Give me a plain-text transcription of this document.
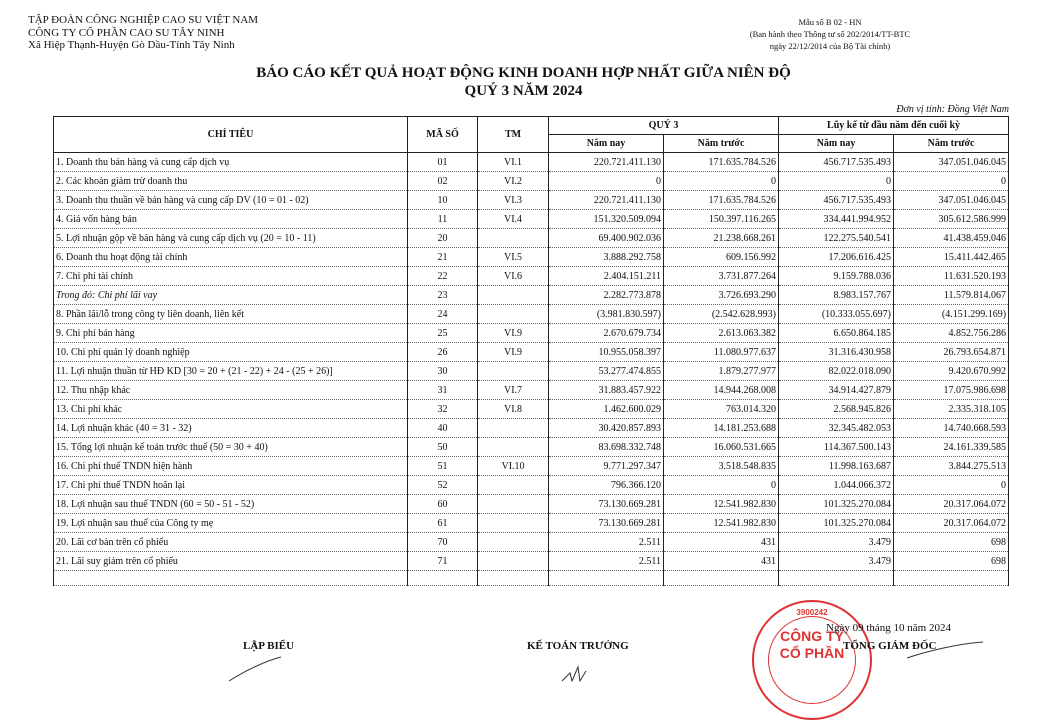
TẬP ĐOÀN CÔNG NGHIỆP CAO SU VIỆT NAM
CÔNG TY CỔ PHẦN CAO SU TÂY NINH
Xã Hiệp Thạnh-Huyện Gò Dầu-Tỉnh Tây Ninh
Mẫu số B 02 - HN
(Ban hành theo Thông tư số 202/2014/TT-BTC
ngày 22/12/2014 của Bộ Tài chính)
BÁO CÁO KẾT QUẢ HOẠT ĐỘNG KINH DOANH HỢP NHẤT GIỮA NIÊN ĐỘ
QUÝ 3 NĂM 2024
Đơn vị tính: Đồng Việt Nam
CHỈ TIÊU	MÃ SỐ	TM	QUÝ 3		Lũy kế từ đầu năm đến cuối kỳ	
			Năm nay	Năm trước	Năm nay	Năm trước
1. Doanh thu bán hàng và cung cấp dịch vụ	01	VI.1	220.721.411.130	171.635.784.526	456.717.535.493	347.051.046.045
2. Các khoản giảm trừ doanh thu	02	VI.2	0	0	0	0
3. Doanh thu thuần về bán hàng và cung cấp DV (10 = 01 - 02)	10	VI.3	220.721.411.130	171.635.784.526	456.717.535.493	347.051.046.045
4. Giá vốn hàng bán	11	VI.4	151.320.509.094	150.397.116.265	334.441.994.952	305.612.586.999
5. Lợi nhuận gộp về bán hàng và cung cấp dịch vụ (20 = 10 - 11)	20		69.400.902.036	21.238.668.261	122.275.540.541	41.438.459.046
6. Doanh thu hoạt động tài chính	21	VI.5	3.888.292.758	609.156.992	17.206.616.425	15.411.442.465
7. Chi phí tài chính	22	VI.6	2.404.151.211	3.731.877.264	9.159.788.036	11.631.520.193
Trong đó: Chi phí lãi vay	23		2.282.773.878	3.726.693.290	8.983.157.767	11.579.814.067
8. Phần lãi/lỗ trong công ty liên doanh, liên kết	24		(3.981.830.597)	(2.542.628.993)	(10.333.055.697)	(4.151.299.169)
9. Chi phí bán hàng	25	VI.9	2.670.679.734	2.613.063.382	6.650.864.185	4.852.756.286
10. Chi phí quản lý doanh nghiệp	26	VI.9	10.955.058.397	11.080.977.637	31.316.430.958	26.793.654.871
11. Lợi nhuận thuần từ HĐ KD [30 = 20 + (21 - 22) + 24 - (25 + 26)]	30		53.277.474.855	1.879.277.977	82.022.018.090	9.420.670.992
12. Thu nhập khác	31	VI.7	31.883.457.922	14.944.268.008	34.914.427.879	17.075.986.698
13. Chi phí khác	32	VI.8	1.462.600.029	763.014.320	2.568.945.826	2.335.318.105
14. Lợi nhuận khác (40 = 31 - 32)	40		30.420.857.893	14.181.253.688	32.345.482.053	14.740.668.593
15. Tổng lợi nhuận kế toán trước thuế (50 = 30 + 40)	50		83.698.332.748	16.060.531.665	114.367.500.143	24.161.339.585
16. Chi phí thuế TNDN hiện hành	51	VI.10	9.771.297.347	3.518.548.835	11.998.163.687	3.844.275.513
17. Chi phí thuế TNDN hoãn lại	52		796.366.120	0	1.044.066.372	0
18. Lợi nhuận sau thuế TNDN (60 = 50 - 51 - 52)	60		73.130.669.281	12.541.982.830	101.325.270.084	20.317.064.072
19. Lợi nhuận sau thuế của Công ty mẹ	61		73.130.669.281	12.541.982.830	101.325.270.084	20.317.064.072
20. Lãi cơ bản trên cổ phiếu	70		2.511	431	3.479	698
21. Lãi suy giảm trên cổ phiếu	71		2.511	431	3.479	698

LẬP BIỂU	KẾ TOÁN TRƯỞNG
3900242
CÔNG TY
CỔ PHẦN
Ngày 09 tháng 10 năm 2024
TỔNG GIÁM ĐỐC
